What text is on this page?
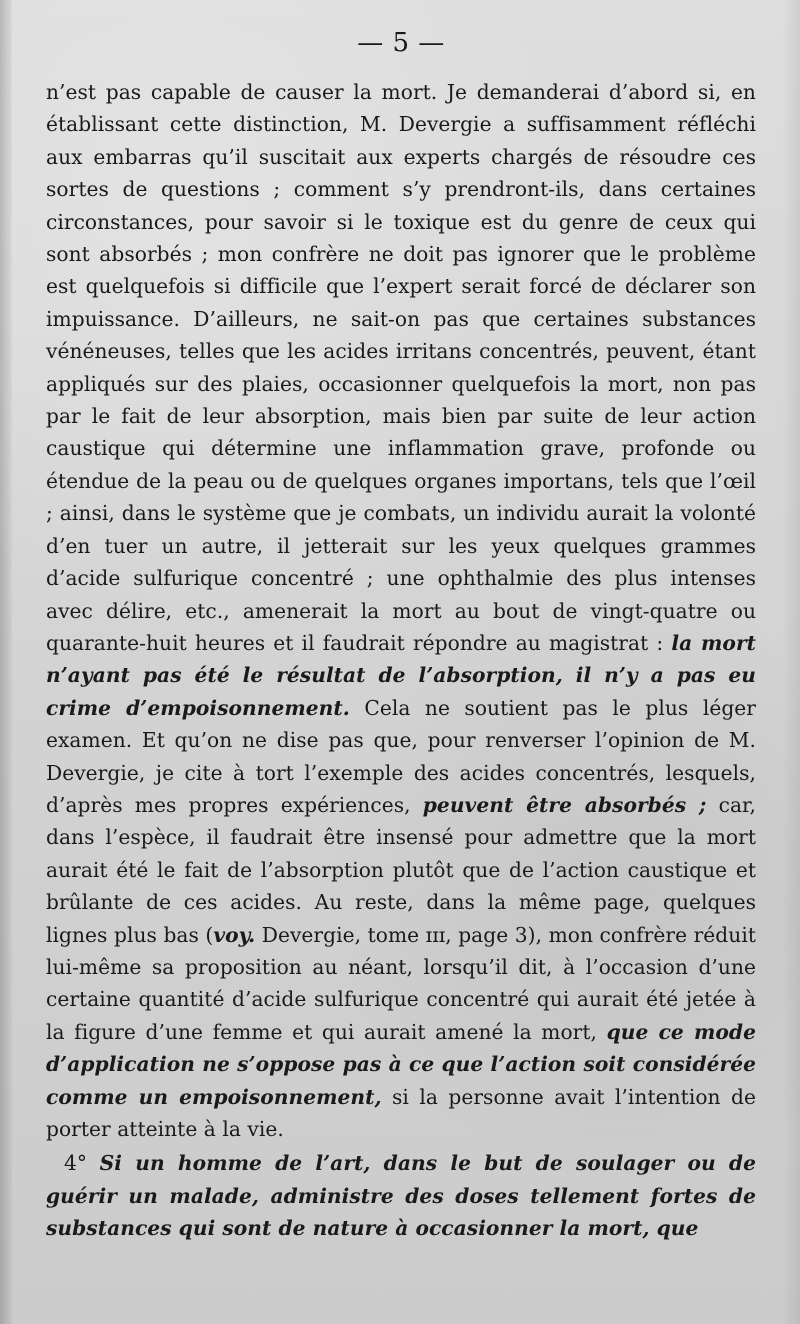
— 5 —

n’est pas capable de causer la mort. Je demanderai d’abord si, en établissant cette distinction, M. Devergie a suffisamment réfléchi aux embarras qu’il suscitait aux experts chargés de résoudre ces sortes de questions ; comment s’y prendront-ils, dans certaines circonstances, pour savoir si le toxique est du genre de ceux qui sont absorbés ; mon confrère ne doit pas ignorer que le problème est quelquefois si difficile que l’expert serait forcé de déclarer son impuissance. D’ailleurs, ne sait-on pas que certaines substances vénéneuses, telles que les acides irritans concentrés, peuvent, étant appliqués sur des plaies, occasionner quelquefois la mort, non pas par le fait de leur absorption, mais bien par suite de leur action caustique qui détermine une inflammation grave, profonde ou étendue de la peau ou de quelques organes importans, tels que l’œil ; ainsi, dans le système que je combats, un individu aurait la volonté d’en tuer un autre, il jetterait sur les yeux quelques grammes d’acide sulfurique concentré ; une ophthalmie des plus intenses avec délire, etc., amenerait la mort au bout de vingt-quatre ou quarante-huit heures et il faudrait répondre au magistrat : la mort n’ayant pas été le résultat de l’absorption, il n’y a pas eu crime d’empoisonnement. Cela ne soutient pas le plus léger examen. Et qu’on ne dise pas que, pour renverser l’opinion de M. Devergie, je cite à tort l’exemple des acides concentrés, lesquels, d’après mes propres expériences, peuvent être absorbés ; car, dans l’espèce, il faudrait être insensé pour admettre que la mort aurait été le fait de l’absorption plutôt que de l’action caustique et brûlante de ces acides. Au reste, dans la même page, quelques lignes plus bas (voy. Devergie, tome ɪɪɪ, page 3), mon confrère réduit lui-même sa proposition au néant, lorsqu’il dit, à l’occasion d’une certaine quantité d’acide sulfurique concentré qui aurait été jetée à la figure d’une femme et qui aurait amené la mort, que ce mode d’application ne s’oppose pas à ce que l’action soit considérée comme un empoisonnement, si la personne avait l’intention de porter atteinte à la vie.

4° Si un homme de l’art, dans le but de soulager ou de guérir un malade, administre des doses tellement fortes de substances qui sont de nature à occasionner la mort, que
